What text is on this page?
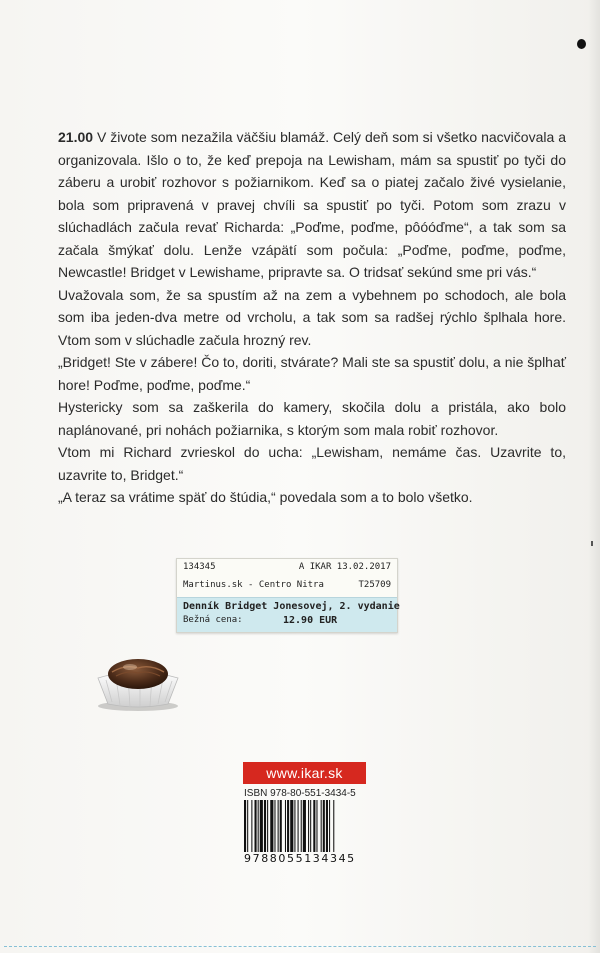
21.00 V živote som nezažila väčšiu blamáž. Celý deň som si všetko nacvičovala a organizovala. Išlo o to, že keď prepoja na Lewisham, mám sa spustiť po tyči do záberu a urobiť rozhovor s požiarnikom. Keď sa o piatej začalo živé vysielanie, bola som pripravená v pravej chvíli sa spustiť po tyči. Potom som zrazu v slúchadlách začula revať Richarda: „Poďme, poďme, pôóóďme“, a tak som sa začala šmýkať dolu. Lenže vzápätí som počula: „Poďme, poďme, poďme, Newcastle! Bridget v Lewishame, pripravte sa. O tridsať sekúnd sme pri vás.“

Uvažovala som, že sa spustím až na zem a vybehnem po schodoch, ale bola som iba jeden-dva metre od vrcholu, a tak som sa radšej rýchlo šplhala hore. Vtom som v slúchadle začula hrozný rev.

„Bridget! Ste v zábere! Čo to, doriti, stvárate? Mali ste sa spustiť dolu, a nie šplhať hore! Poďme, poďme, poďme.“

Hystericky som sa zaškerila do kamery, skočila dolu a pristála, ako bolo naplánované, pri nohách požiarnika, s ktorým som mala robiť rozhovor.

Vtom mi Richard zvrieskol do ucha: „Lewisham, nemáme čas. Uzavrite to, uzavrite to, Bridget.“

„A teraz sa vrátime späť do štúdia,“ povedala som a to bolo všetko.

134345	A IKAR 13.02.2017
Martinus.sk - Centro Nitra	T25709
Denník Bridget Jonesovej, 2. vydanie
Bežná cena:	12.90 EUR
www.ikar.sk
ISBN 978-80-551-3434-5
9788055134345
